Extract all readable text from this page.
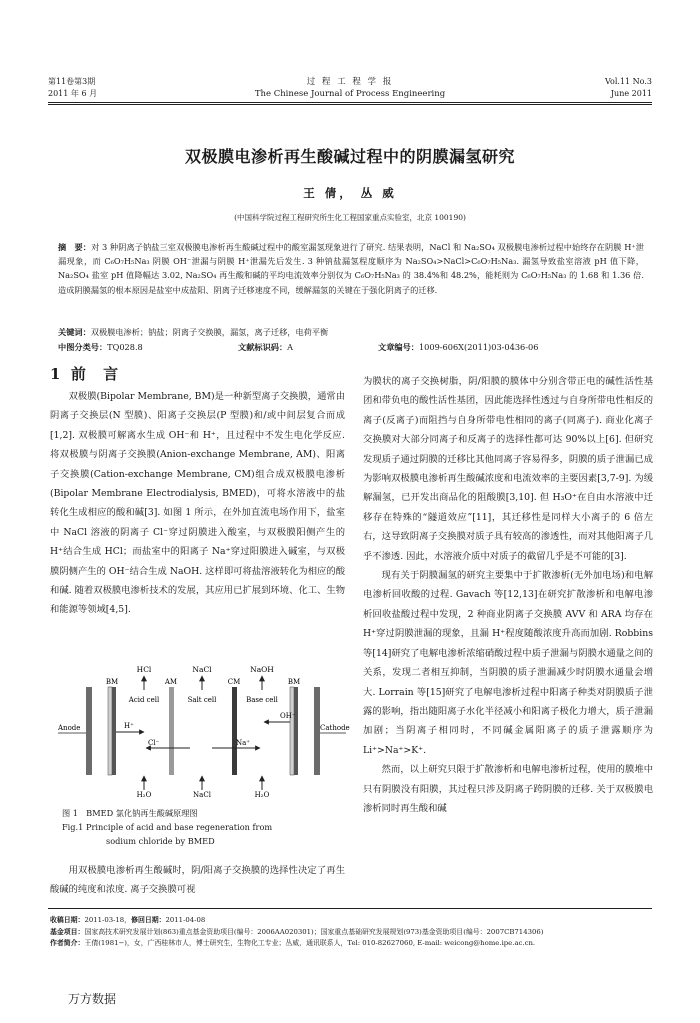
第11卷第3期
2011 年 6 月
过 程 工 程 学 报
The Chinese Journal of Process Engineering
Vol.11 No.3
June 2011
双极膜电渗析再生酸碱过程中的阴膜漏氢研究
王 倩， 丛 威
(中国科学院过程工程研究所生化工程国家重点实验室，北京 100190)
摘　要：对 3 种阴离子钠盐三室双极膜电渗析再生酸碱过程中的酸室漏氢现象进行了研究. 结果表明，NaCl 和 Na₂SO₄ 双极膜电渗析过程中始终存在阴膜 H⁺泄漏现象，而 C₆O₇H₅Na₃ 阴膜 OH⁻泄漏与阴膜 H⁺泄漏先后发生. 3 种钠盐漏氢程度顺序为 Na₂SO₄>NaCl>C₆O₇H₅Na₃. 漏氢导致盐室溶液 pH 值下降，Na₂SO₄ 盐室 pH 值降幅达 3.02, Na₂SO₄ 再生酸和碱的平均电流效率分别仅为 C₆O₇H₅Na₃ 的 38.4%和 48.2%，能耗则为 C₆O₇H₅Na₃ 的 1.68 和 1.36 倍. 造成阴膜漏氢的根本原因是盐室中成盐阳、阴离子迁移速度不同，缓解漏氢的关键在于强化阴离子的迁移.
关键词：双极膜电渗析；钠盐；阴离子交换膜，漏氢，离子迁移，电荷平衡
中图分类号：TQ028.8	文献标识码：A	文章编号：1009-606X(2011)03-0436-06
1 前 言

双极膜(Bipolar Membrane, BM)是一种新型离子交换膜，通常由阴离子交换层(N 型膜)、阳离子交换层(P 型膜)和/或中间层复合而成[1,2]. 双极膜可解离水生成 OH⁻和 H⁺，且过程中不发生电化学反应. 将双极膜与阴离子交换膜(Anion-exchange Membrane, AM)、阳离子交换膜(Cation-exchange Membrane, CM)组合成双极膜电渗析(Bipolar Membrane Electrodialysis, BMED)，可将水溶液中的盐转化生成相应的酸和碱[3]. 如图 1 所示，在外加直流电场作用下，盐室中 NaCl 溶液的阴离子 Cl⁻穿过阴膜进入酸室，与双极膜阳侧产生的 H⁺结合生成 HCl；而盐室中的阳离子 Na⁺穿过阳膜进入碱室，与双极膜阴侧产生的 OH⁻结合生成 NaOH. 这样即可将盐溶液转化为相应的酸和碱. 随着双极膜电渗析技术的发展，其应用已扩展到环境、化工、生物和能源等领域[4,5].

HCl	NaCl	NaOH
BM	AM	CM	BM
Acid cell	Salt cell	Base cell
Anode	Cathode
H⁺
OH⁻
Cl⁻	Na⁺
H₂O	NaCl	H₂O
图 1　BMED 氯化钠再生酸碱原理图
Fig.1 Principle of acid and base regeneration from
sodium chloride by BMED

用双极膜电渗析再生酸碱时，阴/阳离子交换膜的选择性决定了再生酸碱的纯度和浓度. 离子交换膜可视

为膜状的离子交换树脂，阴/阳膜的膜体中分别含带正电的碱性活性基团和带负电的酸性活性基团，因此能选择性透过与自身所带电性相反的离子(反离子)而阻挡与自身所带电性相同的离子(同离子). 商业化离子交换膜对大部分同离子和反离子的选择性都可达 90%以上[6]. 但研究发现质子通过阴膜的迁移比其他同离子容易得多，阴膜的质子泄漏已成为影响双极膜电渗析再生酸碱浓度和电流效率的主要因素[3,7-9]. 为缓解漏氢，已开发出商品化的阻酸膜[3,10]. 但 H₃O⁺在自由水溶液中迁移存在特殊的“隧道效应”[11]，其迁移性是同样大小离子的 6 倍左右，这导致阴离子交换膜对质子具有较高的渗透性，而对其他阳离子几乎不渗透. 因此，水溶液介质中对质子的截留几乎是不可能的[3].

现有关于阴膜漏氢的研究主要集中于扩散渗析(无外加电场)和电解电渗析回收酸的过程. Gavach 等[12,13]在研究扩散渗析和电解电渗析回收盐酸过程中发现，2 种商业阴离子交换膜 AVV 和 ARA 均存在 H⁺穿过阴膜泄漏的现象，且漏 H⁺程度随酸浓度升高而加剧. Robbins 等[14]研究了电解电渗析浓缩硝酸过程中质子泄漏与阴膜水通量之间的关系，发现二者相互抑制，当阴膜的质子泄漏减少时阴膜水通量会增大. Lorrain 等[15]研究了电解电渗析过程中阳离子种类对阴膜质子泄露的影响，指出随阳离子水化半径减小和阳离子极化力增大，质子泄漏加剧；当阴离子相同时，不同碱金属阳离子的质子泄露顺序为 Li⁺>Na⁺>K⁺.

然而，以上研究只限于扩散渗析和电解电渗析过程，使用的膜堆中只有阴膜没有阳膜，其过程只涉及阴离子跨阴膜的迁移. 关于双极膜电渗析同时再生酸和碱

收稿日期：2011-03-18，修回日期：2011-04-08
基金项目：国家高技术研究发展计划(863)重点基金资助项目(编号：2006AA020301)；国家重点基础研究发展规划(973)基金资助项目(编号：2007CB714306)
作者简介：王倩(1981−)，女，广西桂林市人，博士研究生，生物化工专业；丛威，通讯联系人，Tel: 010-82627060, E-mail: weicong@home.ipe.ac.cn.
万方数据
